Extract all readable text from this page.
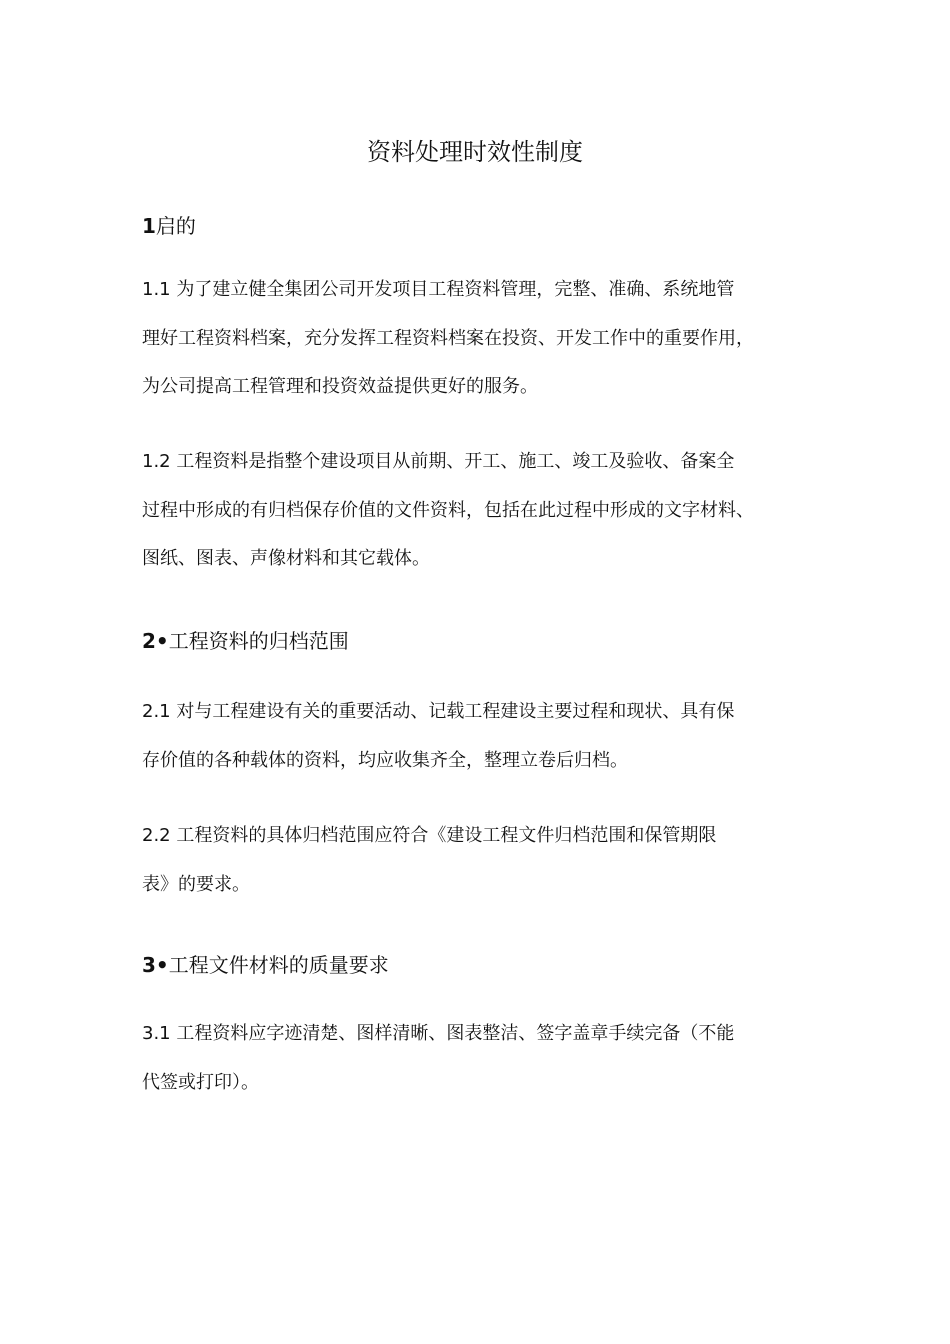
资料处理时效性制度
1启的

1.1 为了建立健全集团公司开发项目工程资料管理，完整、准确、系统地管
理好工程资料档案，充分发挥工程资料档案在投资、开发工作中的重要作用，
为公司提高工程管理和投资效益提供更好的服务。

1.2 工程资料是指整个建设项目从前期、开工、施工、竣工及验收、备案全
过程中形成的有归档保存价值的文件资料，包括在此过程中形成的文字材料、
图纸、图表、声像材料和其它载体。

2•工程资料的归档范围

2.1 对与工程建设有关的重要活动、记载工程建设主要过程和现状、具有保
存价值的各种载体的资料，均应收集齐全，整理立卷后归档。

2.2 工程资料的具体归档范围应符合《建设工程文件归档范围和保管期限
表》的要求。

3•工程文件材料的质量要求

3.1 工程资料应字迹清楚、图样清晰、图表整洁、签字盖章手续完备（不能
代签或打印）。
